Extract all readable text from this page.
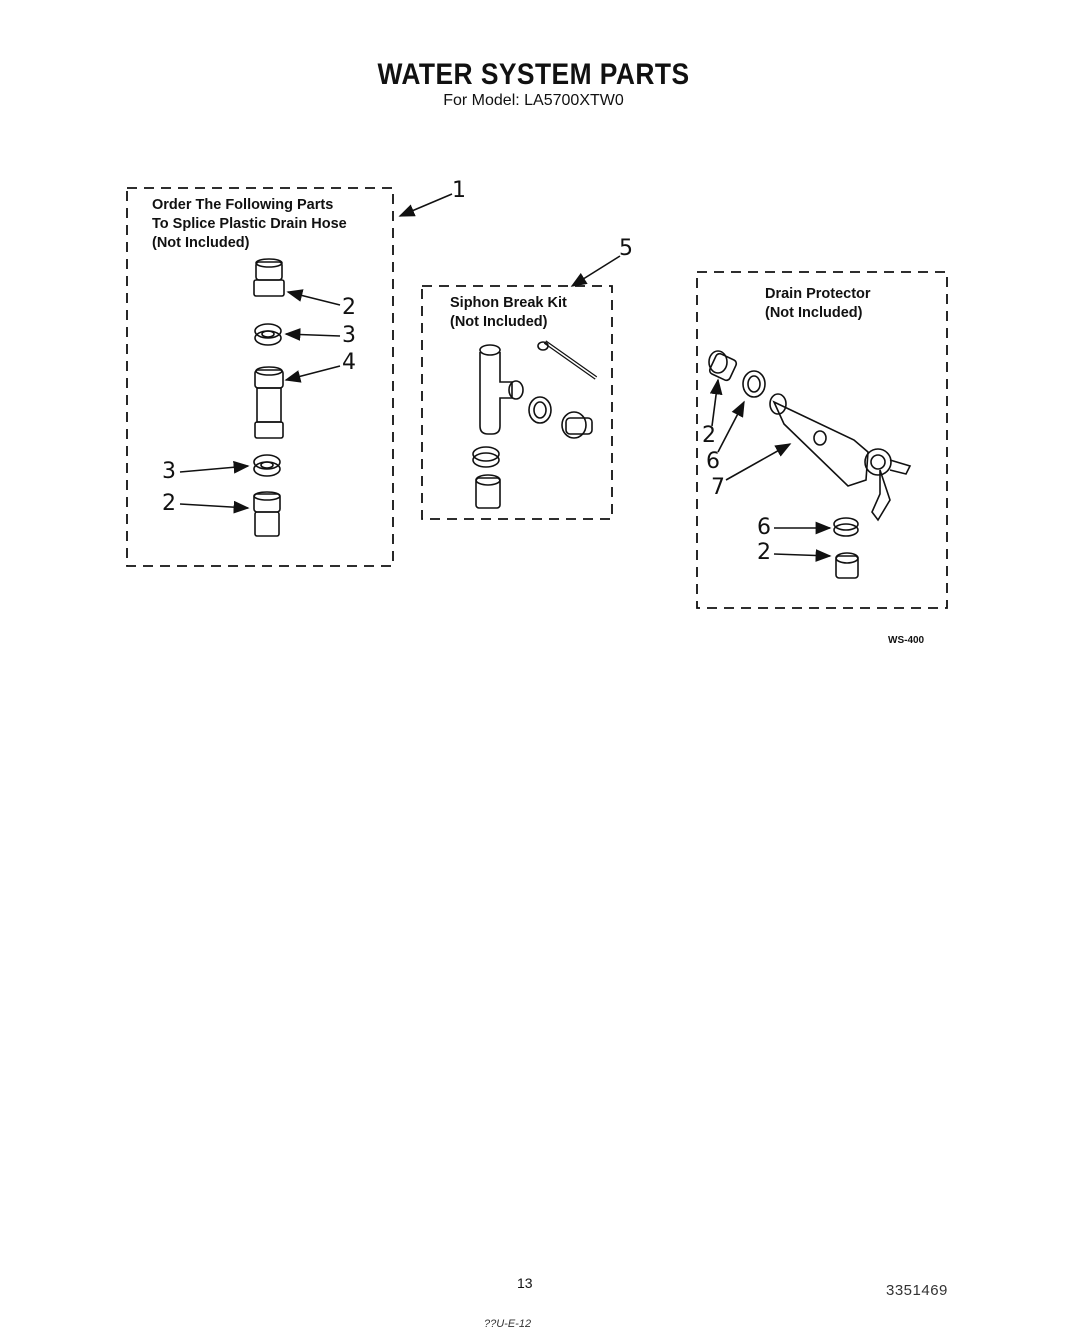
WATER SYSTEM PARTS
For Model: LA5700XTW0
Order The Following Parts
To Splice Plastic Drain Hose
(Not Included)
1
2
3
4
3
2
Siphon Break Kit
(Not Included)
5
Drain Protector
(Not Included)
2
6
7
6
2
WS-400
13	3351469
??U-E-12
